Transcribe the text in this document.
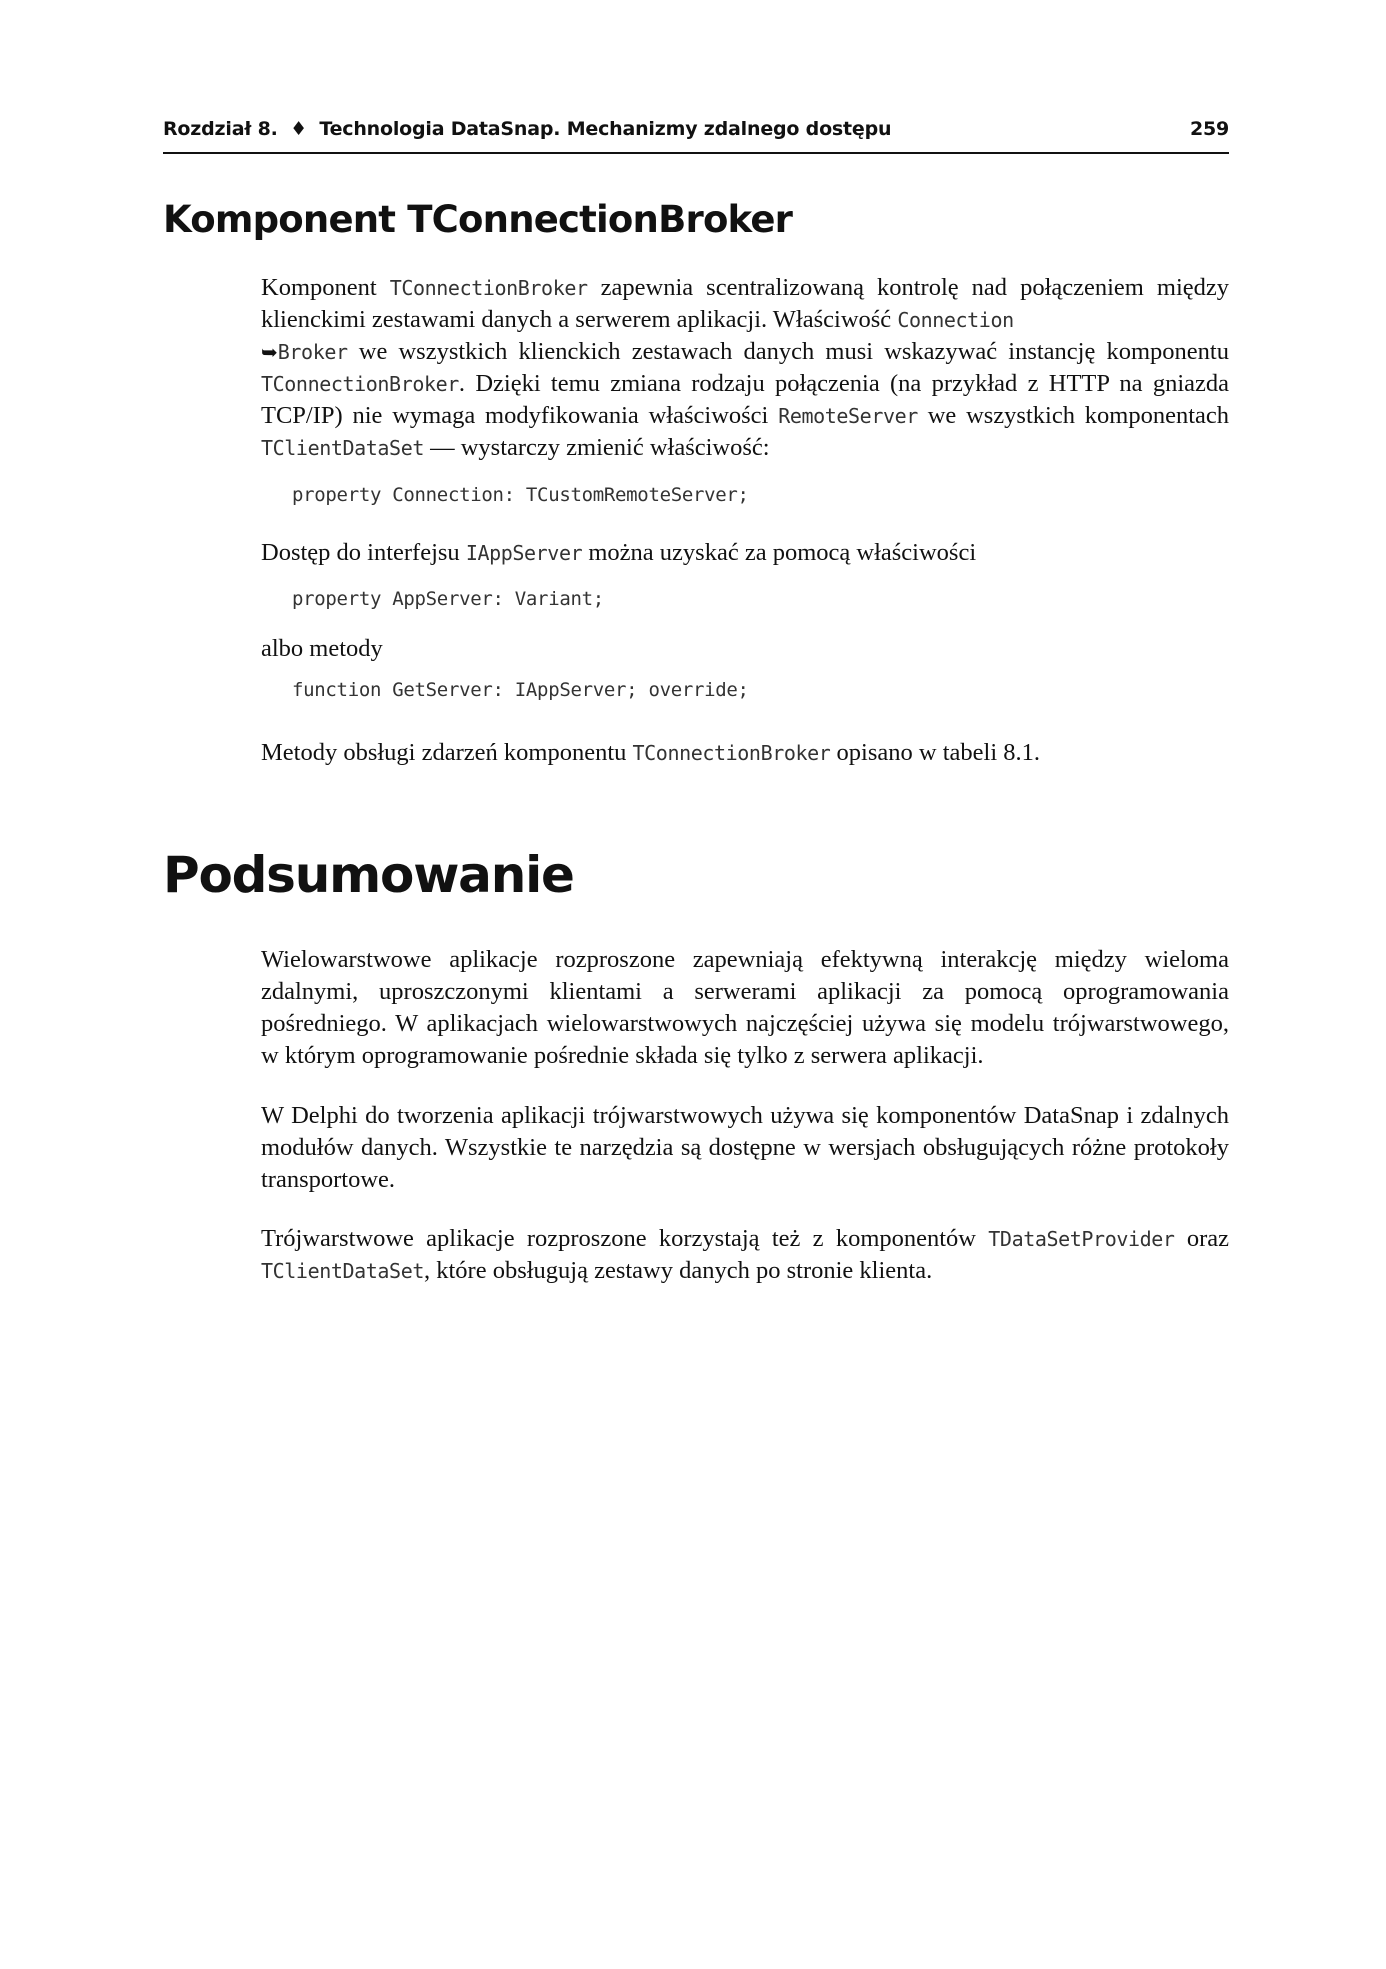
Rozdział 8. ♦ Technologia DataSnap. Mechanizmy zdalnego dostępu	259
Komponent TConnectionBroker

Komponent TConnectionBroker zapewnia scentralizowaną kontrolę nad połączeniem między klienckimi zestawami danych a serwerem aplikacji. Właściwość Connection
➥Broker we wszystkich klienckich zestawach danych musi wskazywać instancję komponentu TConnectionBroker. Dzięki temu zmiana rodzaju połączenia (na przykład z HTTP na gniazda TCP/IP) nie wymaga modyfikowania właściwości RemoteServer we wszystkich komponentach TClientDataSet — wystarczy zmienić właściwość:

property Connection: TCustomRemoteServer;

Dostęp do interfejsu IAppServer można uzyskać za pomocą właściwości

property AppServer: Variant;

albo metody

function GetServer: IAppServer; override;

Metody obsługi zdarzeń komponentu TConnectionBroker opisano w tabeli 8.1.

Podsumowanie

Wielowarstwowe aplikacje rozproszone zapewniają efektywną interakcję między wieloma zdalnymi, uproszczonymi klientami a serwerami aplikacji za pomocą oprogramowania pośredniego. W aplikacjach wielowarstwowych najczęściej używa się modelu trójwarstwowego, w którym oprogramowanie pośrednie składa się tylko z serwera aplikacji.

W Delphi do tworzenia aplikacji trójwarstwowych używa się komponentów DataSnap i zdalnych modułów danych. Wszystkie te narzędzia są dostępne w wersjach obsługujących różne protokoły transportowe.

Trójwarstwowe aplikacje rozproszone korzystają też z komponentów TDataSetProvider oraz TClientDataSet, które obsługują zestawy danych po stronie klienta.
